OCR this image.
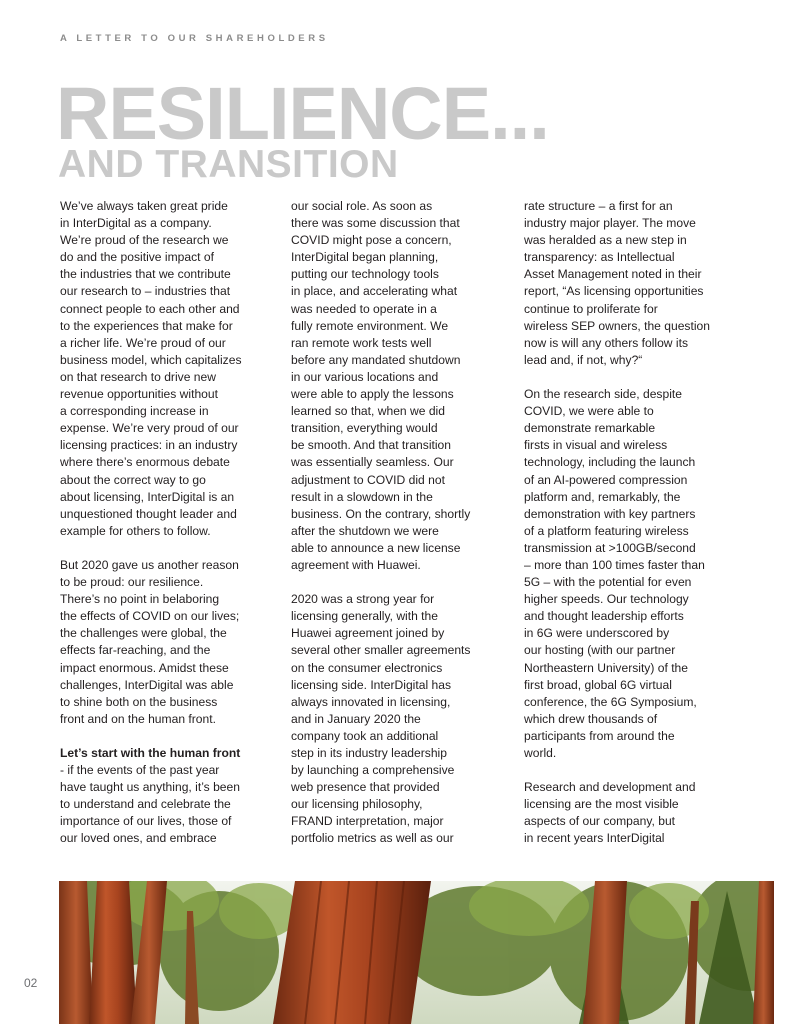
A LETTER TO OUR SHAREHOLDERS
RESILIENCE...
AND TRANSITION
We’ve always taken great pride
in InterDigital as a company.
We’re proud of the research we
do and the positive impact of
the industries that we contribute
our research to – industries that
connect people to each other and
to the experiences that make for
a richer life. We’re proud of our
business model, which capitalizes
on that research to drive new
revenue opportunities without
a corresponding increase in
expense. We’re very proud of our
licensing practices: in an industry
where there’s enormous debate
about the correct way to go
about licensing, InterDigital is an
unquestioned thought leader and
example for others to follow.
But 2020 gave us another reason
to be proud: our resilience.
There’s no point in belaboring
the effects of COVID on our lives;
the challenges were global, the
effects far-reaching, and the
impact enormous. Amidst these
challenges, InterDigital was able
to shine both on the business
front and on the human front.
Let’s start with the human front
- if the events of the past year
have taught us anything, it’s been
to understand and celebrate the
importance of our lives, those of
our loved ones, and embrace
our social role. As soon as
there was some discussion that
COVID might pose a concern,
InterDigital began planning,
putting our technology tools
in place, and accelerating what
was needed to operate in a
fully remote environment. We
ran remote work tests well
before any mandated shutdown
in our various locations and
were able to apply the lessons
learned so that, when we did
transition, everything would
be smooth. And that transition
was essentially seamless. Our
adjustment to COVID did not
result in a slowdown in the
business. On the contrary, shortly
after the shutdown we were
able to announce a new license
agreement with Huawei.
2020 was a strong year for
licensing generally, with the
Huawei agreement joined by
several other smaller agreements
on the consumer electronics
licensing side. InterDigital has
always innovated in licensing,
and in January 2020 the
company took an additional
step in its industry leadership
by launching a comprehensive
web presence that provided
our licensing philosophy,
FRAND interpretation, major
portfolio metrics as well as our
rate structure – a first for an
industry major player. The move
was heralded as a new step in
transparency: as Intellectual
Asset Management noted in their
report, “As licensing opportunities
continue to proliferate for
wireless SEP owners, the question
now is will any others follow its
lead and, if not, why?“
On the research side, despite
COVID, we were able to
demonstrate remarkable
firsts in visual and wireless
technology, including the launch
of an AI-powered compression
platform and, remarkably, the
demonstration with key partners
of a platform featuring wireless
transmission at >100GB/second
– more than 100 times faster than
5G – with the potential for even
higher speeds. Our technology
and thought leadership efforts
in 6G were underscored by
our hosting (with our partner
Northeastern University) of the
first broad, global 6G virtual
conference, the 6G Symposium,
which drew thousands of
participants from around the
world.
Research and development and
licensing are the most visible
aspects of our company, but
in recent years InterDigital
02
